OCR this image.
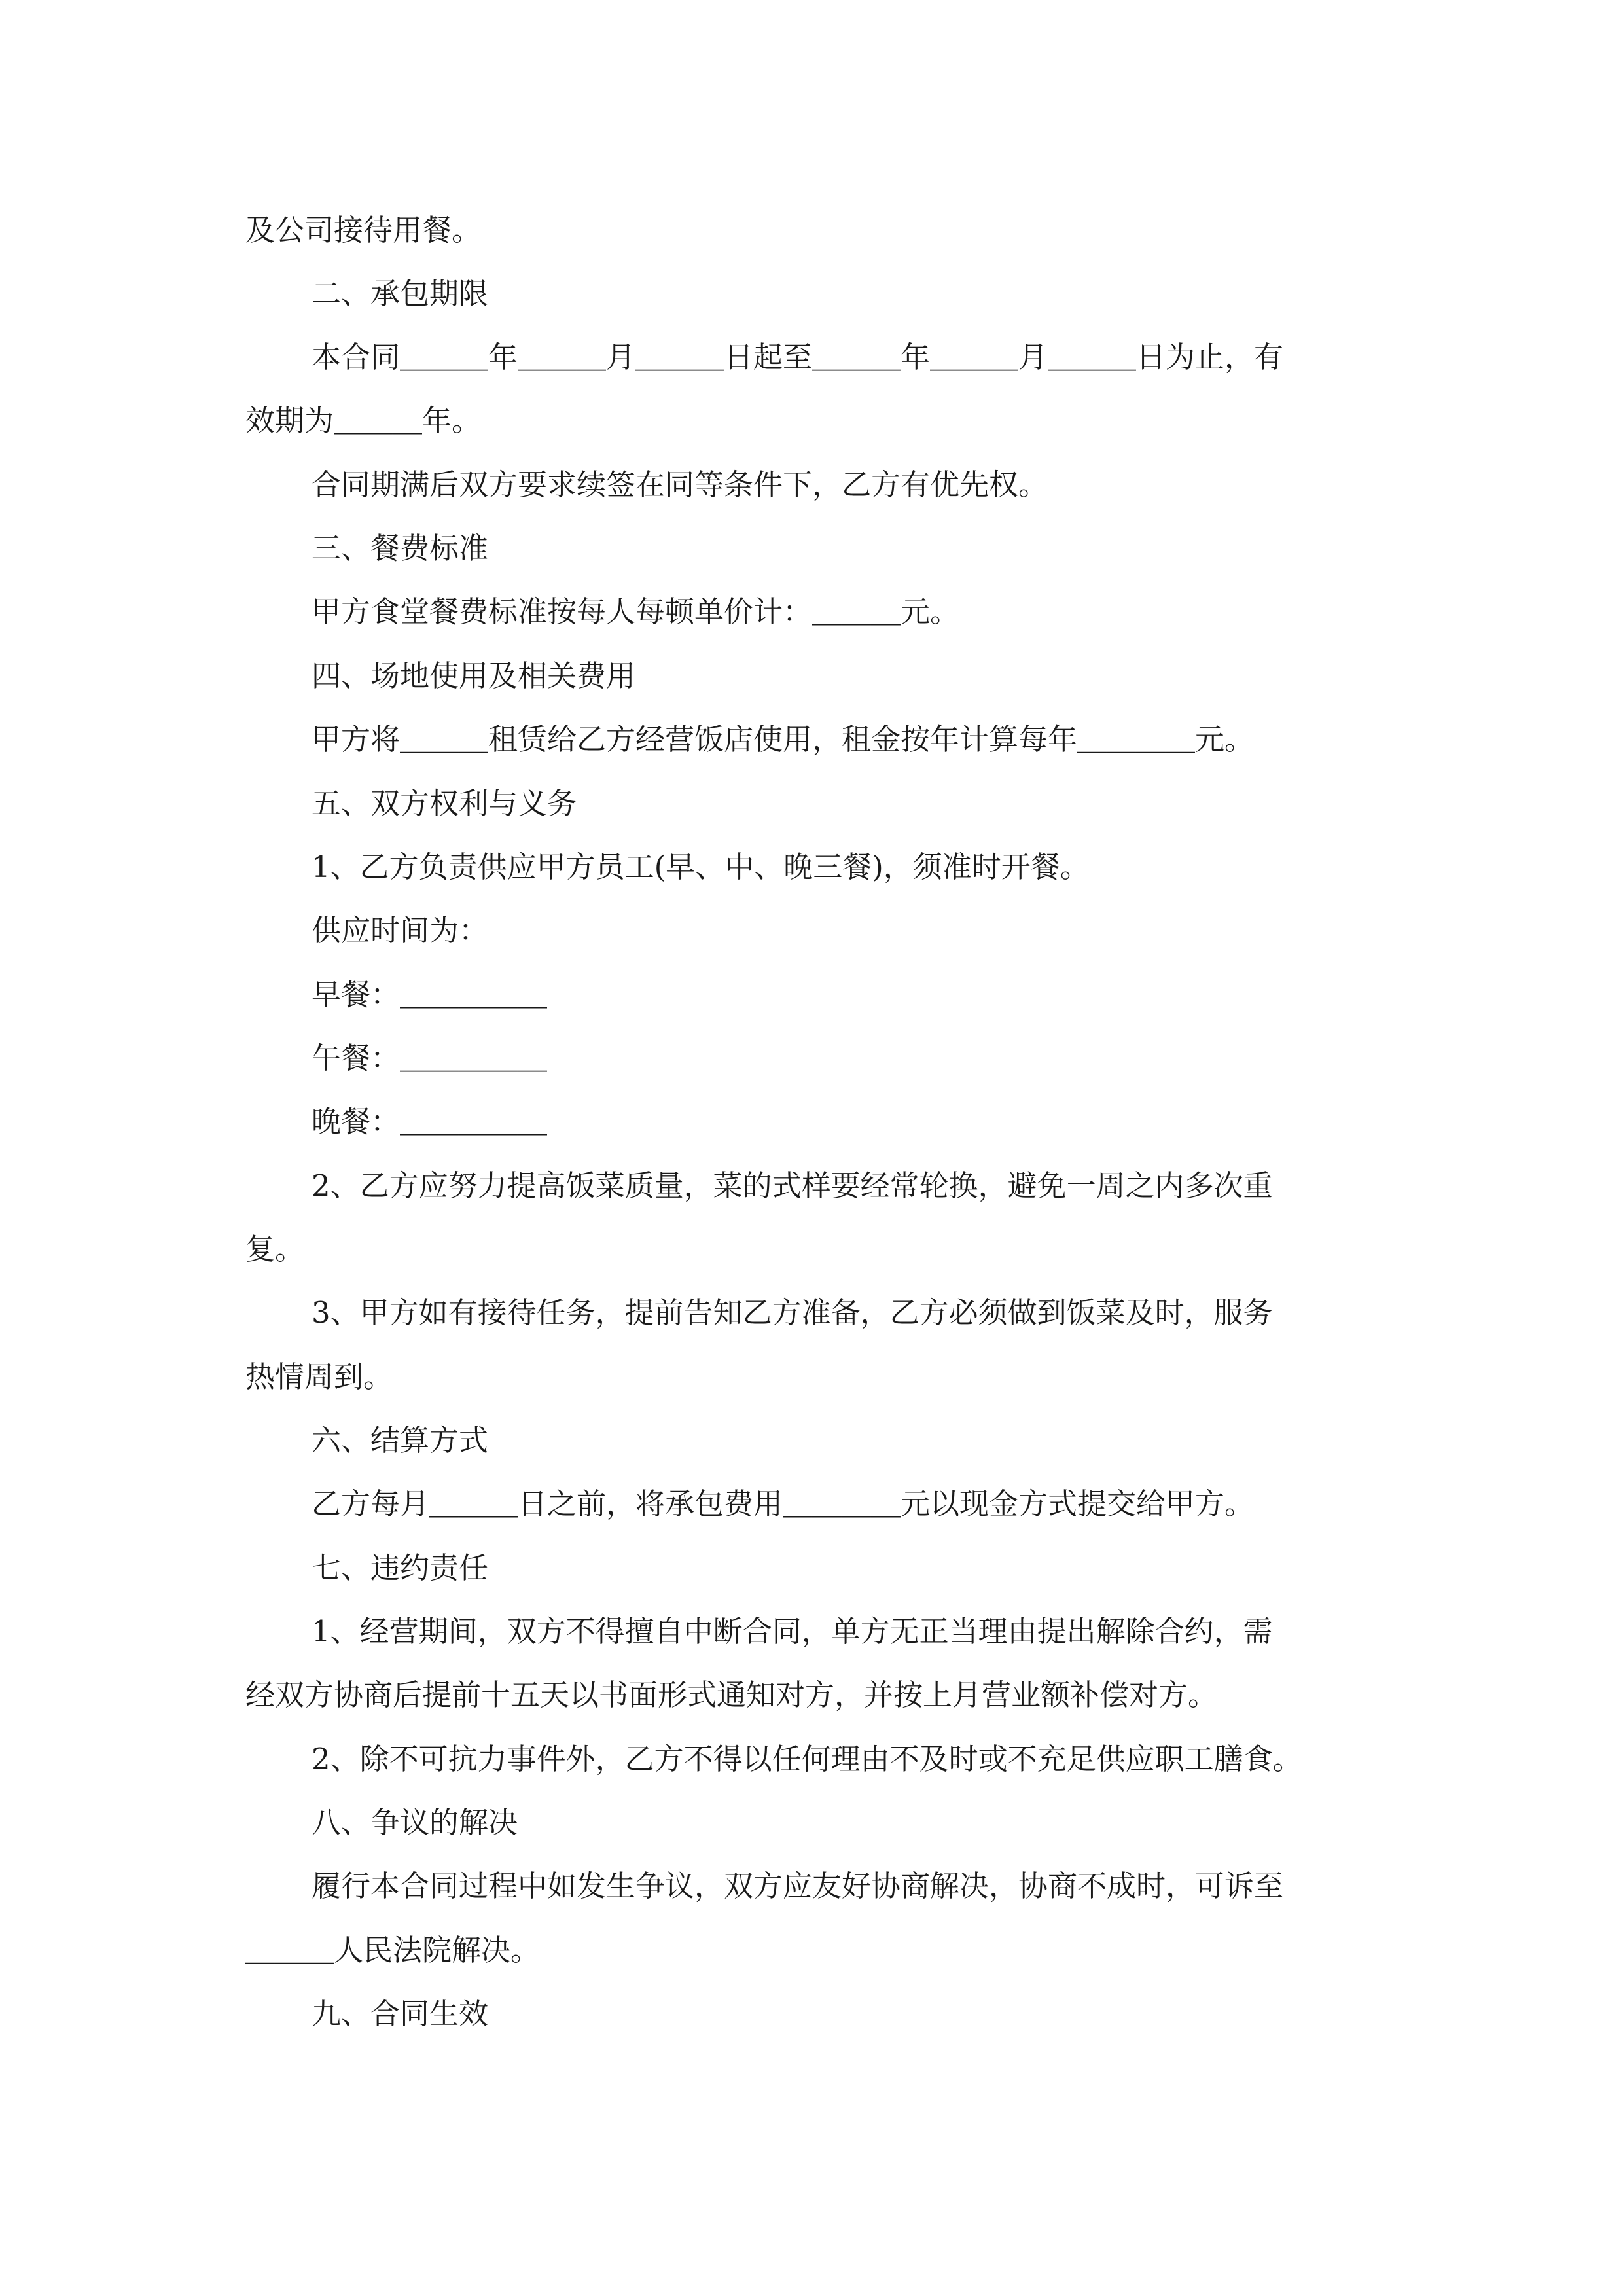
及公司接待用餐。

二、承包期限

本合同＿＿＿年＿＿＿月＿＿＿日起至＿＿＿年＿＿＿月＿＿＿日为止，有

效期为＿＿＿年。

合同期满后双方要求续签在同等条件下，乙方有优先权。

三、餐费标准

甲方食堂餐费标准按每人每顿单价计：＿＿＿元。

四、场地使用及相关费用

甲方将＿＿＿租赁给乙方经营饭店使用，租金按年计算每年＿＿＿＿元。

五、双方权利与义务

1、乙方负责供应甲方员工(早、中、晚三餐)，须准时开餐。

供应时间为：

早餐：＿＿＿＿＿

午餐：＿＿＿＿＿

晚餐：＿＿＿＿＿

2、乙方应努力提高饭菜质量，菜的式样要经常轮换，避免一周之内多次重

复。

3、甲方如有接待任务，提前告知乙方准备，乙方必须做到饭菜及时，服务

热情周到。

六、结算方式

乙方每月＿＿＿日之前，将承包费用＿＿＿＿元以现金方式提交给甲方。

七、违约责任

1、经营期间，双方不得擅自中断合同，单方无正当理由提出解除合约，需

经双方协商后提前十五天以书面形式通知对方，并按上月营业额补偿对方。

2、除不可抗力事件外，乙方不得以任何理由不及时或不充足供应职工膳食。

八、争议的解决

履行本合同过程中如发生争议，双方应友好协商解决，协商不成时，可诉至

＿＿＿人民法院解决。

九、合同生效
